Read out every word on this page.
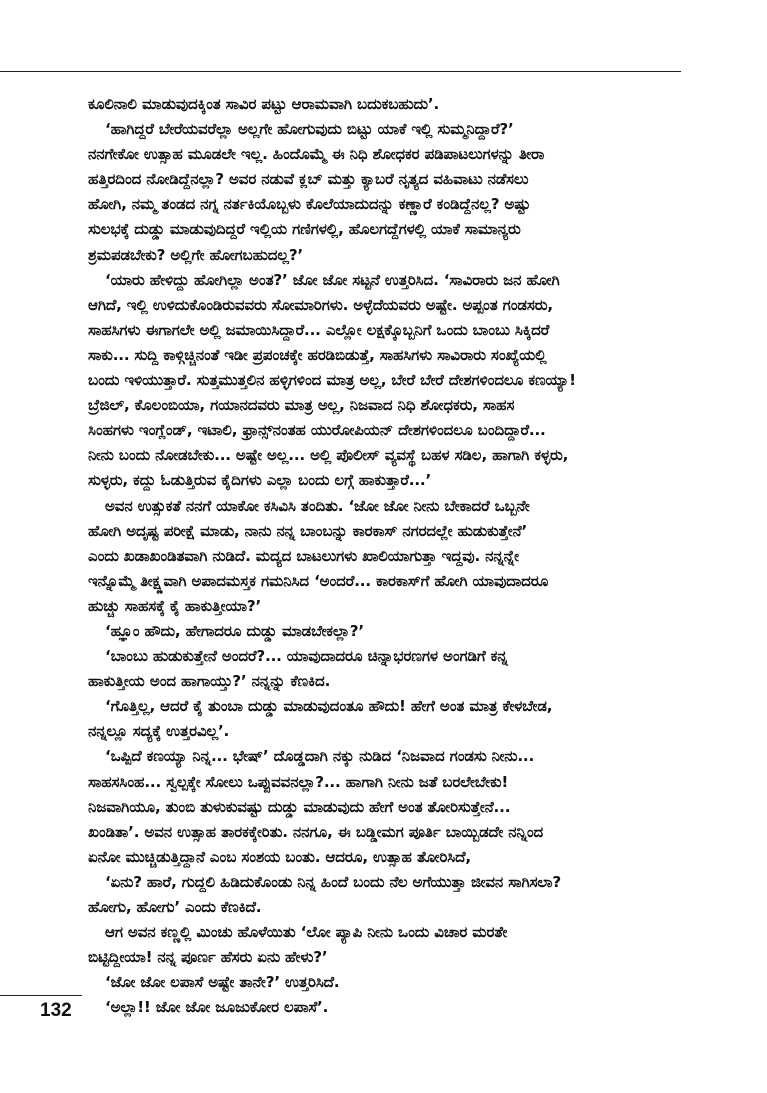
ಕೂಲಿನಾಲಿ ಮಾಡುವುದಕ್ಕಿಂತ ಸಾವಿರ ಪಟ್ಟು ಆರಾಮವಾಗಿ ಬದುಕಬಹುದು’.
‘ಹಾಗಿದ್ದರೆ ಬೇರೆಯವರೆಲ್ಲಾ ಅಲ್ಲಗೇ ಹೋಗುವುದು ಬಿಟ್ಟು ಯಾಕೆ ಇಲ್ಲಿ ಸುಮ್ಮನಿದ್ದಾರೆ?’
ನನಗೇಕೋ ಉತ್ಸಾಹ ಮೂಡಲೇ ಇಲ್ಲ. ಹಿಂದೊಮ್ಮೆ ಈ ನಿಧಿ ಶೋಧಕರ ಪಡಿಪಾಟಲುಗಳನ್ನು ತೀರಾ
ಹತ್ತಿರದಿಂದ ನೋಡಿದ್ದೆನಲ್ಲಾ? ಅವರ ನಡುವೆ ಕ್ಲಬ್ ಮತ್ತು ಕ್ಯಾಬರೆ ನೃತ್ಯದ ವಹಿವಾಟು ನಡೆಸಲು
ಹೋಗಿ, ನಮ್ಮ ತಂಡದ ನಗ್ನ ನರ್ತಕಿಯೊಬ್ಬಳು ಕೊಲೆಯಾದುದನ್ನು ಕಣ್ಣಾರೆ ಕಂಡಿದ್ದೆನಲ್ಲ? ಅಷ್ಟು
ಸುಲಭಕ್ಕೆ ದುಡ್ಡು ಮಾಡುವುದಿದ್ದರೆ ಇಲ್ಲಿಯ ಗಣಿಗಳಲ್ಲಿ, ಹೊಲಗದ್ದೆಗಳಲ್ಲಿ ಯಾಕೆ ಸಾಮಾನ್ಯರು
ಶ್ರಮಪಡಬೇಕು? ಅಲ್ಲಿಗೇ ಹೋಗಬಹುದಲ್ಲ?’
‘ಯಾರು ಹೇಳಿದ್ದು ಹೋಗಿಲ್ಲಾ ಅಂತ?’ ಜೋ ಜೋ ಸಟ್ಟನೆ ಉತ್ತರಿಸಿದ. ‘ಸಾವಿರಾರು ಜನ ಹೋಗಿ
ಆಗಿದೆ, ಇಲ್ಲಿ ಉಳಿದುಕೊಂಡಿರುವವರು ಸೋಮಾರಿಗಳು. ಅಳ್ಳೆದೆಯವರು ಅಷ್ಟೇ. ಅಪ್ಪಂತ ಗಂಡಸರು,
ಸಾಹಸಿಗಳು ಈಗಾಗಲೇ ಅಲ್ಲಿ ಜಮಾಯಿಸಿದ್ದಾರೆ... ಎಲ್ಲೋ ಲಕ್ಷಕ್ಕೊಬ್ಬನಿಗೆ ಒಂದು ಬಾಂಬು ಸಿಕ್ಕಿದರೆ
ಸಾಕು... ಸುದ್ದಿ ಕಾಳ್ಗಿಚ್ಚಿನಂತೆ ಇಡೀ ಪ್ರಪಂಚಕ್ಕೇ ಹರಡಿಬಿಡುತ್ತೆ, ಸಾಹಸಿಗಳು ಸಾವಿರಾರು ಸಂಖ್ಯೆಯಲ್ಲಿ
ಬಂದು ಇಳಿಯುತ್ತಾರೆ. ಸುತ್ತಮುತ್ತಲಿನ ಹಳ್ಳಿಗಳಿಂದ ಮಾತ್ರ ಅಲ್ಲ, ಬೇರೆ ಬೇರೆ ದೇಶಗಳಿಂದಲೂ ಕಣಯ್ಯಾ!
ಬ್ರೆಜಿಲ್, ಕೊಲಂಬಿಯಾ, ಗಯಾನದವರು ಮಾತ್ರ ಅಲ್ಲ, ನಿಜವಾದ ನಿಧಿ ಶೋಧಕರು, ಸಾಹಸ
ಸಿಂಹಗಳು ಇಂಗ್ಲೆಂಡ್, ಇಟಾಲಿ, ಫ್ರಾನ್ಸ್‌ನಂತಹ ಯುರೋಪಿಯನ್ ದೇಶಗಳಿಂದಲೂ ಬಂದಿದ್ದಾರೆ...
ನೀನು ಬಂದು ನೋಡಬೇಕು... ಅಷ್ಟೇ ಅಲ್ಲ... ಅಲ್ಲಿ ಪೊಲೀಸ್ ವ್ಯವಸ್ಥೆ ಬಹಳ ಸಡಿಲ, ಹಾಗಾಗಿ ಕಳ್ಳರು,
ಸುಳ್ಳರು, ಕದ್ದು ಓಡುತ್ತಿರುವ ಕೈದಿಗಳು ಎಲ್ಲಾ ಬಂದು ಲಗ್ಗೆ ಹಾಕುತ್ತಾರೆ...’
ಅವನ ಉತ್ಸುಕತೆ ನನಗೆ ಯಾಕೋ ಕಸಿವಿಸಿ ತಂದಿತು. ‘ಜೋ ಜೋ ನೀನು ಬೇಕಾದರೆ ಒಬ್ಬನೇ
ಹೋಗಿ ಅದೃಷ್ಟ ಪರೀಕ್ಷೆ ಮಾಡು, ನಾನು ನನ್ನ ಬಾಂಬನ್ನು ಕಾರಕಾಸ್ ನಗರದಲ್ಲೇ ಹುಡುಕುತ್ತೇನೆ’
ಎಂದು ಖಡಾಖಂಡಿತವಾಗಿ ನುಡಿದೆ. ಮದ್ಯದ ಬಾಟಲುಗಳು ಖಾಲಿಯಾಗುತ್ತಾ ಇದ್ದವು. ನನ್ನನ್ನೇ
ಇನ್ನೊಮ್ಮೆ ತೀಕ್ಷ್ಣವಾಗಿ ಅಪಾದಮಸ್ತಕ ಗಮನಿಸಿದ ‘ಅಂದರೆ... ಕಾರಕಾಸ್‌ಗೆ ಹೋಗಿ ಯಾವುದಾದರೂ
ಹುಚ್ಚು ಸಾಹಸಕ್ಕೆ ಕೈ ಹಾಕುತ್ತೀಯಾ?’
‘ಹ್ಞೂಂ ಹೌದು, ಹೇಗಾದರೂ ದುಡ್ಡು ಮಾಡಬೇಕಲ್ಲಾ?’
‘ಬಾಂಬು ಹುಡುಕುತ್ತೇನೆ ಅಂದರೆ?... ಯಾವುದಾದರೂ ಚಿನ್ನಾಭರಣಗಳ ಅಂಗಡಿಗೆ ಕನ್ನ
ಹಾಕುತ್ತೀಯ ಅಂದ ಹಾಗಾಯ್ತು?’ ನನ್ನನ್ನು ಕೆಣಕಿದ.
‘ಗೊತ್ತಿಲ್ಲ, ಆದರೆ ಕೈ ತುಂಬಾ ದುಡ್ಡು ಮಾಡುವುದಂತೂ ಹೌದು! ಹೇಗೆ ಅಂತ ಮಾತ್ರ ಕೇಳಬೇಡ,
ನನ್ನಲ್ಲೂ ಸದ್ಯಕ್ಕೆ ಉತ್ತರವಿಲ್ಲ’.
‘ಒಪ್ಪಿದೆ ಕಣಯ್ಯಾ ನಿನ್ನ... ಭೇಷ್’ ದೊಡ್ಡದಾಗಿ ನಕ್ಕು ನುಡಿದ ‘ನಿಜವಾದ ಗಂಡಸು ನೀನು...
ಸಾಹಸಸಿಂಹ... ಸ್ವಲ್ಪಕ್ಕೇ ಸೋಲು ಒಪ್ಪುವವನಲ್ಲಾ?... ಹಾಗಾಗಿ ನೀನು ಜತೆ ಬರಲೇಬೇಕು!
ನಿಜವಾಗಿಯೂ, ತುಂಬಿ ತುಳುಕುವಷ್ಟು ದುಡ್ಡು ಮಾಡುವುದು ಹೇಗೆ ಅಂತ ತೋರಿಸುತ್ತೇನೆ...
ಖಂಡಿತಾ’. ಅವನ ಉತ್ಸಾಹ ತಾರಕಕ್ಕೇರಿತು. ನನಗೂ, ಈ ಬಡ್ಡೀಮಗ ಪೂರ್ತಿ ಬಾಯ್ಬಿಡದೇ ನನ್ನಿಂದ
ಏನೋ ಮುಚ್ಚಿಡುತ್ತಿದ್ದಾನೆ ಎಂಬ ಸಂಶಯ ಬಂತು. ಆದರೂ, ಉತ್ಸಾಹ ತೋರಿಸಿದೆ,
‘ಏನು? ಹಾರೆ, ಗುದ್ದಲಿ ಹಿಡಿದುಕೊಂಡು ನಿನ್ನ ಹಿಂದೆ ಬಂದು ನೆಲ ಅಗೆಯುತ್ತಾ ಜೀವನ ಸಾಗಿಸಲಾ?
ಹೋಗು, ಹೋಗು’ ಎಂದು ಕೆಣಕಿದೆ.
ಆಗ ಅವನ ಕಣ್ಣಲ್ಲಿ ಮಿಂಚು ಹೊಳೆಯಿತು ‘ಲೋ ಪ್ಯಾಪಿ ನೀನು ಒಂದು ವಿಚಾರ ಮರತೇ
ಬಿಟ್ಟಿದ್ದೀಯಾ! ನನ್ನ ಪೂರ್ಣ ಹೆಸರು ಏನು ಹೇಳು?’
‘ಜೋ ಜೋ ಲಪಾಸೆ ಅಷ್ಟೇ ತಾನೇ?’ ಉತ್ತರಿಸಿದೆ.
‘ಅಲ್ಲಾ!! ಜೋ ಜೋ ಜೂಜುಕೋರ ಲಪಾಸೆ’.
132
